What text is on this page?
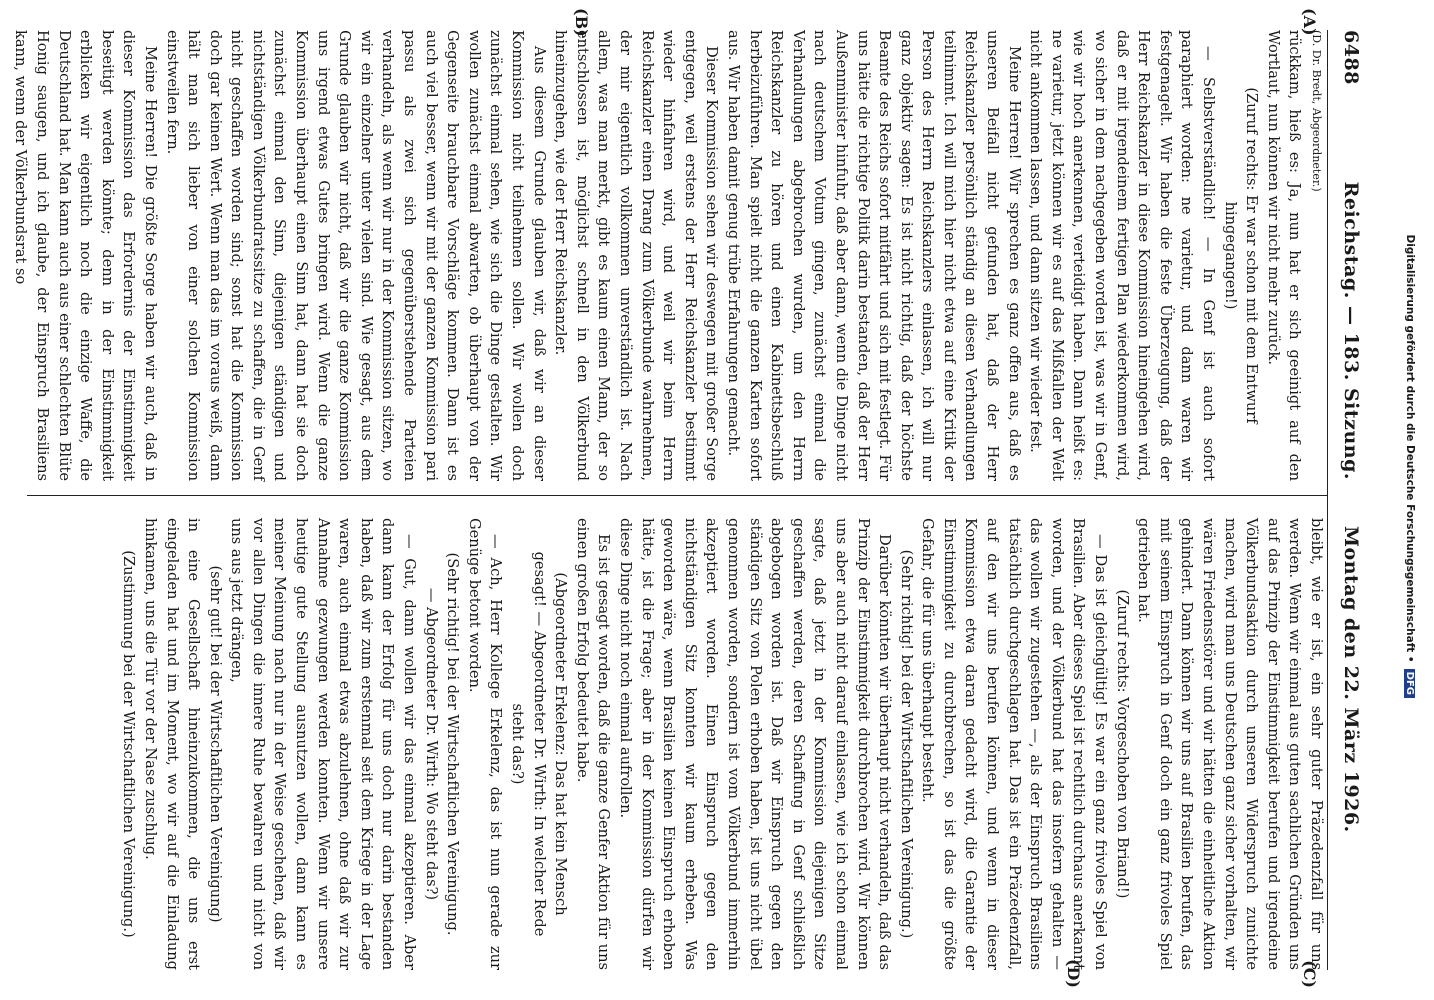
6488
Reichstag. — 183. Sitzung.
Montag den 22. März 1926.
(A)
(B)
(C)
(D)

(D. Dr. Bredt, Abgeordneter.)

rückkam, hieß es: Ja, nun hat er sich geeinigt auf den Wortlaut, nun können wir nicht mehr zurück.

(Zuruf rechts: Er war schon mit dem Entwurf hingegangen!)

— Selbstverständlich! — In Genf ist auch sofort paraphiert worden: ne varietur, und dann waren wir festgenagelt. Wir haben die feste Überzeugung, daß der Herr Reichskanzler in diese Kommission hineingehen wird, daß er mit irgendeinem fertigen Plan wiederkommen wird, wo sicher in dem nachgegeben worden ist, was wir in Genf, wie wir hoch anerkennen, verteidigt haben. Dann heißt es: ne varietur, jetzt können wir es auf das Mißfallen der Welt nicht ankommen lassen, und dann sitzen wir wieder fest.

Meine Herren! Wir sprechen es ganz offen aus, daß es unseren Beifall nicht gefunden hat, daß der Herr Reichskanzler persönlich ständig an diesen Verhandlungen teilnimmt. Ich will mich hier nicht etwa auf eine Kritik der Person des Herrn Reichskanzlers einlassen, ich will nur ganz objektiv sagen: Es ist nicht richtig, daß der höchste Beamte des Reichs sofort mitfährt und sich mit festlegt. Für uns hätte die richtige Politik darin bestanden, daß der Herr Außenminister hinfuhr, daß aber dann, wenn die Dinge nicht nach deutschem Votum gingen, zunächst einmal die Verhandlungen abgebrochen wurden, um den Herrn Reichskanzler zu hören und einen Kabinettsbeschluß herbeizuführen. Man spielt nicht die ganzen Karten sofort aus. Wir haben damit genug trübe Erfahrungen gemacht.

Dieser Kommission sehen wir deswegen mit großer Sorge entgegen, weil erstens der Herr Reichskanzler bestimmt wieder hinfahren wird, und weil wir beim Herrn Reichskanzler einen Drang zum Völkerbunde wahrnehmen, der mir eigentlich vollkommen unverständlich ist. Nach allem, was man merkt, gibt es kaum einen Mann, der so entschlossen ist, möglichst schnell in den Völkerbund hineinzugehen, wie der Herr Reichskanzler.

Aus diesem Grunde glauben wir, daß wir an dieser Kommission nicht teilnehmen sollen. Wir wollen doch zunächst einmal sehen, wie sich die Dinge gestalten. Wir wollen zunächst einmal abwarten, ob überhaupt von der Gegenseite brauchbare Vorschläge kommen. Dann ist es auch viel besser, wenn wir mit der ganzen Kommission pari passu als zwei sich gegenüberstehende Parteien verhandeln, als wenn wir nur in der Kommission sitzen, wo wir ein einzelner unter vielen sind. Wie gesagt, aus dem Grunde glauben wir nicht, daß wir die ganze Kommission uns irgend etwas Gutes bringen wird. Wenn die ganze Kommission überhaupt einen Sinn hat, dann hat sie doch zunächst einmal den Sinn, diejenigen ständigen und nichtständigen Völkerbundratssitze zu schaffen, die in Genf nicht geschaffen worden sind; sonst hat die Kommission doch gar keinen Wert. Wenn man das im voraus weiß, dann hält man sich lieber von einer solchen Kommission einstweilen fern.

Meine Herren! Die größte Sorge haben wir auch, daß in dieser Kommission das Erfordernis der Einstimmigkeit beseitigt werden könnte; denn in der Einstimmigkeit erblicken wir eigentlich noch die einzige Waffe, die Deutschland hat. Man kann auch aus einer schlechten Blüte Honig saugen, und ich glaube, der Einspruch Brasiliens kann, wenn der Völkerbundsrat so

bleibt, wie er ist, ein sehr guter Präzedenzfall für uns werden. Wenn wir einmal aus guten sachlichen Gründen uns auf das Prinzip der Einstimmigkeit berufen und irgendeine Völkerbundsaktion durch unseren Widerspruch zunichte machen, wird man uns Deutschen ganz sicher vorhalten, wir wären Friedensstörer und wir hätten die einheitliche Aktion gehindert. Dann können wir uns auf Brasilien berufen, das mit seinem Einspruch in Genf doch ein ganz frivoles Spiel getrieben hat.

(Zuruf rechts: Vorgeschoben von Briand!)

— Das ist gleichgültig! Es war ein ganz frivoles Spiel von Brasilien. Aber dieses Spiel ist rechtlich durchaus anerkannt worden, und der Völkerbund hat das insofern gehalten — das wollen wir zugestehen —, als der Einspruch Brasiliens tatsächlich durchgeschlagen hat. Das ist ein Präzedenzfall, auf den wir uns berufen können, und wenn in dieser Kommission etwa daran gedacht wird, die Garantie der Einstimmigkeit zu durchbrechen, so ist das die größte Gefahr, die für uns überhaupt besteht.

(Sehr richtig! bei der Wirtschaftlichen Vereinigung.)

Darüber könnten wir überhaupt nicht verhandeln, daß das Prinzip der Einstimmigkeit durchbrochen wird. Wir können uns aber auch nicht darauf einlassen, wie ich schon einmal sagte, daß jetzt in der Kommission diejenigen Sitze geschaffen werden, deren Schaffung in Genf schließlich abgebogen worden ist. Daß wir Einspruch gegen den ständigen Sitz von Polen erhoben haben, ist uns nicht übel genommen worden, sondern ist vom Völkerbund immerhin akzeptiert worden. Einen Einspruch gegen den nichtständigen Sitz konnten wir kaum erheben. Was geworden wäre, wenn Brasilien keinen Einspruch erhoben hätte, ist die Frage; aber in der Kommission dürfen wir diese Dinge nicht noch einmal aufrollen.

Es ist gesagt worden, daß die ganze Genfer Aktion für uns einen großen Erfolg bedeutet habe.

(Abgeordneter Erkelenz: Das hat kein Mensch gesagt! — Abgeordneter Dr. Wirth: In welcher Rede steht das?)

— Ach, Herr Kollege Erkelenz, das ist nun gerade zur Genüge betont worden.

(Sehr richtig! bei der Wirtschaftlichen Vereinigung. — Abgeordneter Dr. Wirth: Wo steht das?)

— Gut, dann wollen wir das einmal akzeptieren. Aber dann kann der Erfolg für uns doch nur darin bestanden haben, daß wir zum erstenmal seit dem Kriege in der Lage waren, auch einmal etwas abzulehnen, ohne daß wir zur Annahme gezwungen werden konnten. Wenn wir unsere heutige gute Stellung ausnutzen wollen, dann kann es meiner Meinung nach nur in der Weise geschehen, daß wir vor allen Dingen die innere Ruhe bewahren und nicht von uns aus jetzt drängen,

(sehr gut! bei der Wirtschaftlichen Vereinigung)

in eine Gesellschaft hineinzukommen, die uns erst eingeladen hat und im Moment, wo wir auf die Einladung hinkamen, uns die Tür vor der Nase zuschlug.

(Zustimmung bei der Wirtschaftlichen Vereinigung.)

Digitalisierung gefördert durch die Deutsche Forschungsgemeinschaft •
DFG
